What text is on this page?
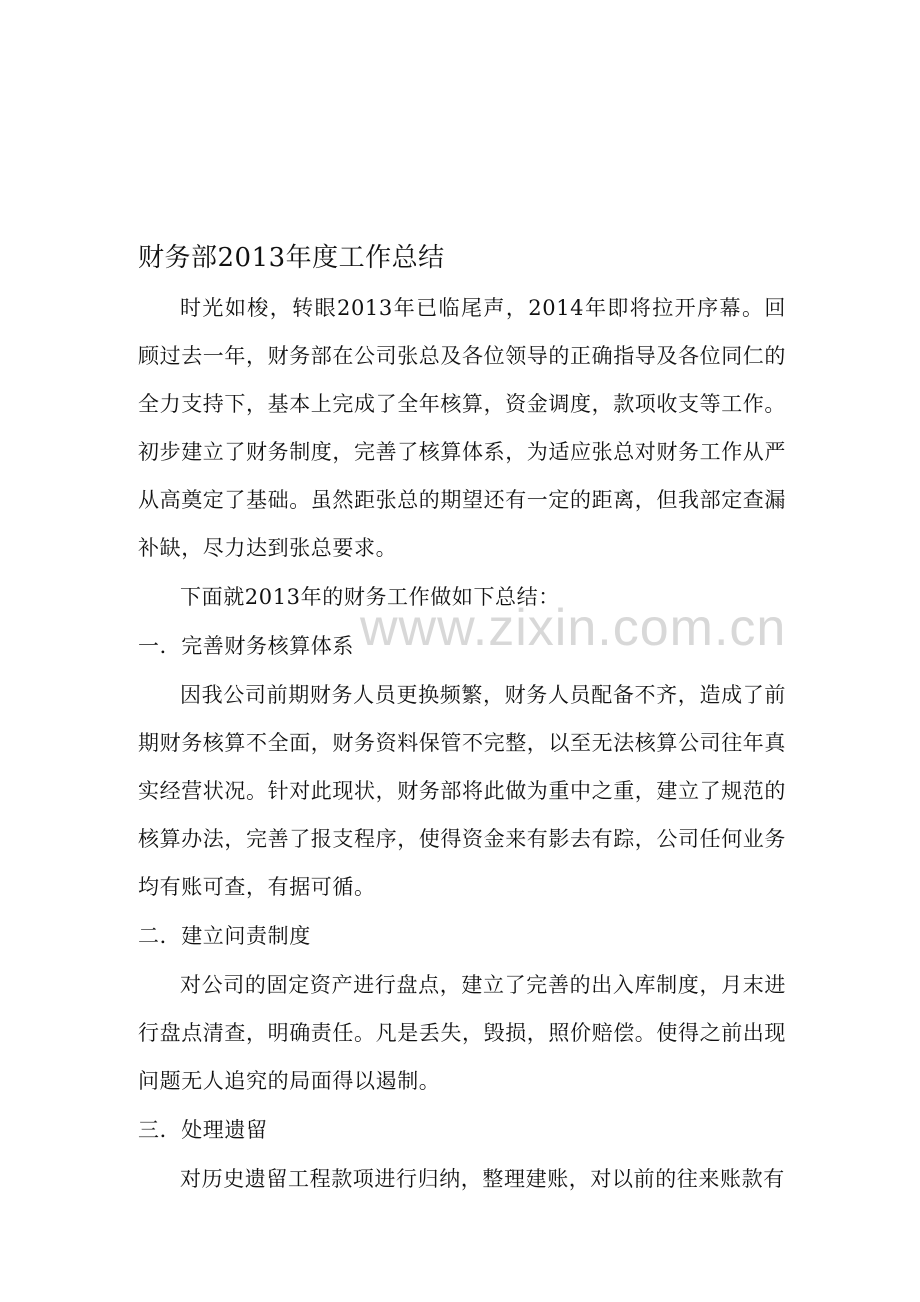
www.zixin.com.cn
财务部2013年度工作总结

时光如梭，转眼2013年已临尾声，2014年即将拉开序幕。回顾过去一年，财务部在公司张总及各位领导的正确指导及各位同仁的全力支持下，基本上完成了全年核算，资金调度，款项收支等工作。初步建立了财务制度，完善了核算体系，为适应张总对财务工作从严从高奠定了基础。虽然距张总的期望还有一定的距离，但我部定查漏补缺，尽力达到张总要求。

下面就2013年的财务工作做如下总结：

一．完善财务核算体系

因我公司前期财务人员更换频繁，财务人员配备不齐，造成了前期财务核算不全面，财务资料保管不完整，以至无法核算公司往年真实经营状况。针对此现状，财务部将此做为重中之重，建立了规范的核算办法，完善了报支程序，使得资金来有影去有踪，公司任何业务均有账可查，有据可循。

二．建立问责制度

对公司的固定资产进行盘点，建立了完善的出入库制度，月末进行盘点清查，明确责任。凡是丢失，毁损，照价赔偿。使得之前出现问题无人追究的局面得以遏制。

三．处理遗留

对历史遗留工程款项进行归纳，整理建账，对以前的往来账款有
